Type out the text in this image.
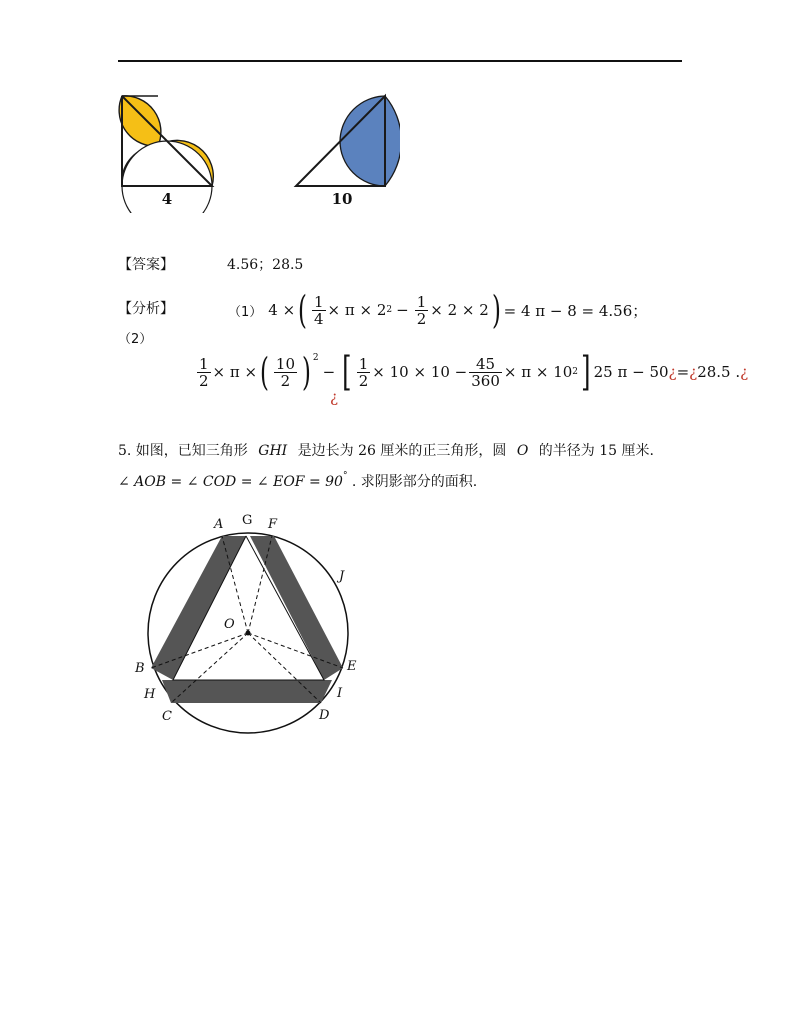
4	10
【答案】	4.56；28.5
【分析】	（1） 4 × ( $\frac{1}{4} \times \pi \times 2$ $2 - \frac{1}{2} \times 2 \times 2$ ) = 4 π − 8 = 4.56；
（2）
$\frac{1}{2} \times \pi$ × ( $\frac{10}{2}$ ) 2
− [ $\frac{1}{2} \times 10 \times 10 - \frac{45}{360} \times \pi \times 10$ 2 ] 25 π − 50 ¿ = ¿ 28.5 . ¿
¿
5. 如图，已知三角形 GHI 是边长为 26 厘米的正三角形，圆 O 的半径为 15 厘米.
∠ AOB = ∠ COD = ∠ EOF = 90° . 求阴影部分的面积.
A G F
J
O
B	E
H	I
C	D
